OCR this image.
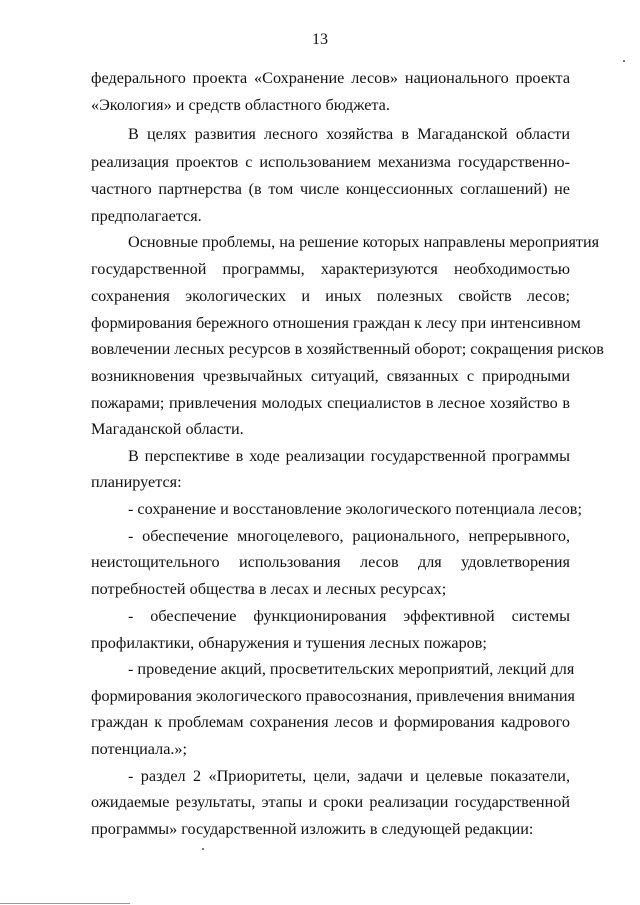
13
федерального проекта «Сохранение лесов» национального проекта
«Экология» и средств областного бюджета.
В целях развития лесного хозяйства в Магаданской области
реализация проектов с использованием механизма государственно-
частного партнерства (в том числе концессионных соглашений) не
предполагается.
Основные проблемы, на решение которых направлены мероприятия
государственной программы, характеризуются необходимостью
сохранения экологических и иных полезных свойств лесов;
формирования бережного отношения граждан к лесу при интенсивном
вовлечении лесных ресурсов в хозяйственный оборот; сокращения рисков
возникновения чрезвычайных ситуаций, связанных с природными
пожарами; привлечения молодых специалистов в лесное хозяйство в
Магаданской области.
В перспективе в ходе реализации государственной программы
планируется:
- сохранение и восстановление экологического потенциала лесов;
- обеспечение многоцелевого, рационального, непрерывного,
неистощительного использования лесов для удовлетворения
потребностей общества в лесах и лесных ресурсах;
- обеспечение функционирования эффективной системы
профилактики, обнаружения и тушения лесных пожаров;
- проведение акций, просветительских мероприятий, лекций для
формирования экологического правосознания, привлечения внимания
граждан к проблемам сохранения лесов и формирования кадрового
потенциала.»;
- раздел 2 «Приоритеты, цели, задачи и целевые показатели,
ожидаемые результаты, этапы и сроки реализации государственной
программы» государственной изложить в следующей редакции:
